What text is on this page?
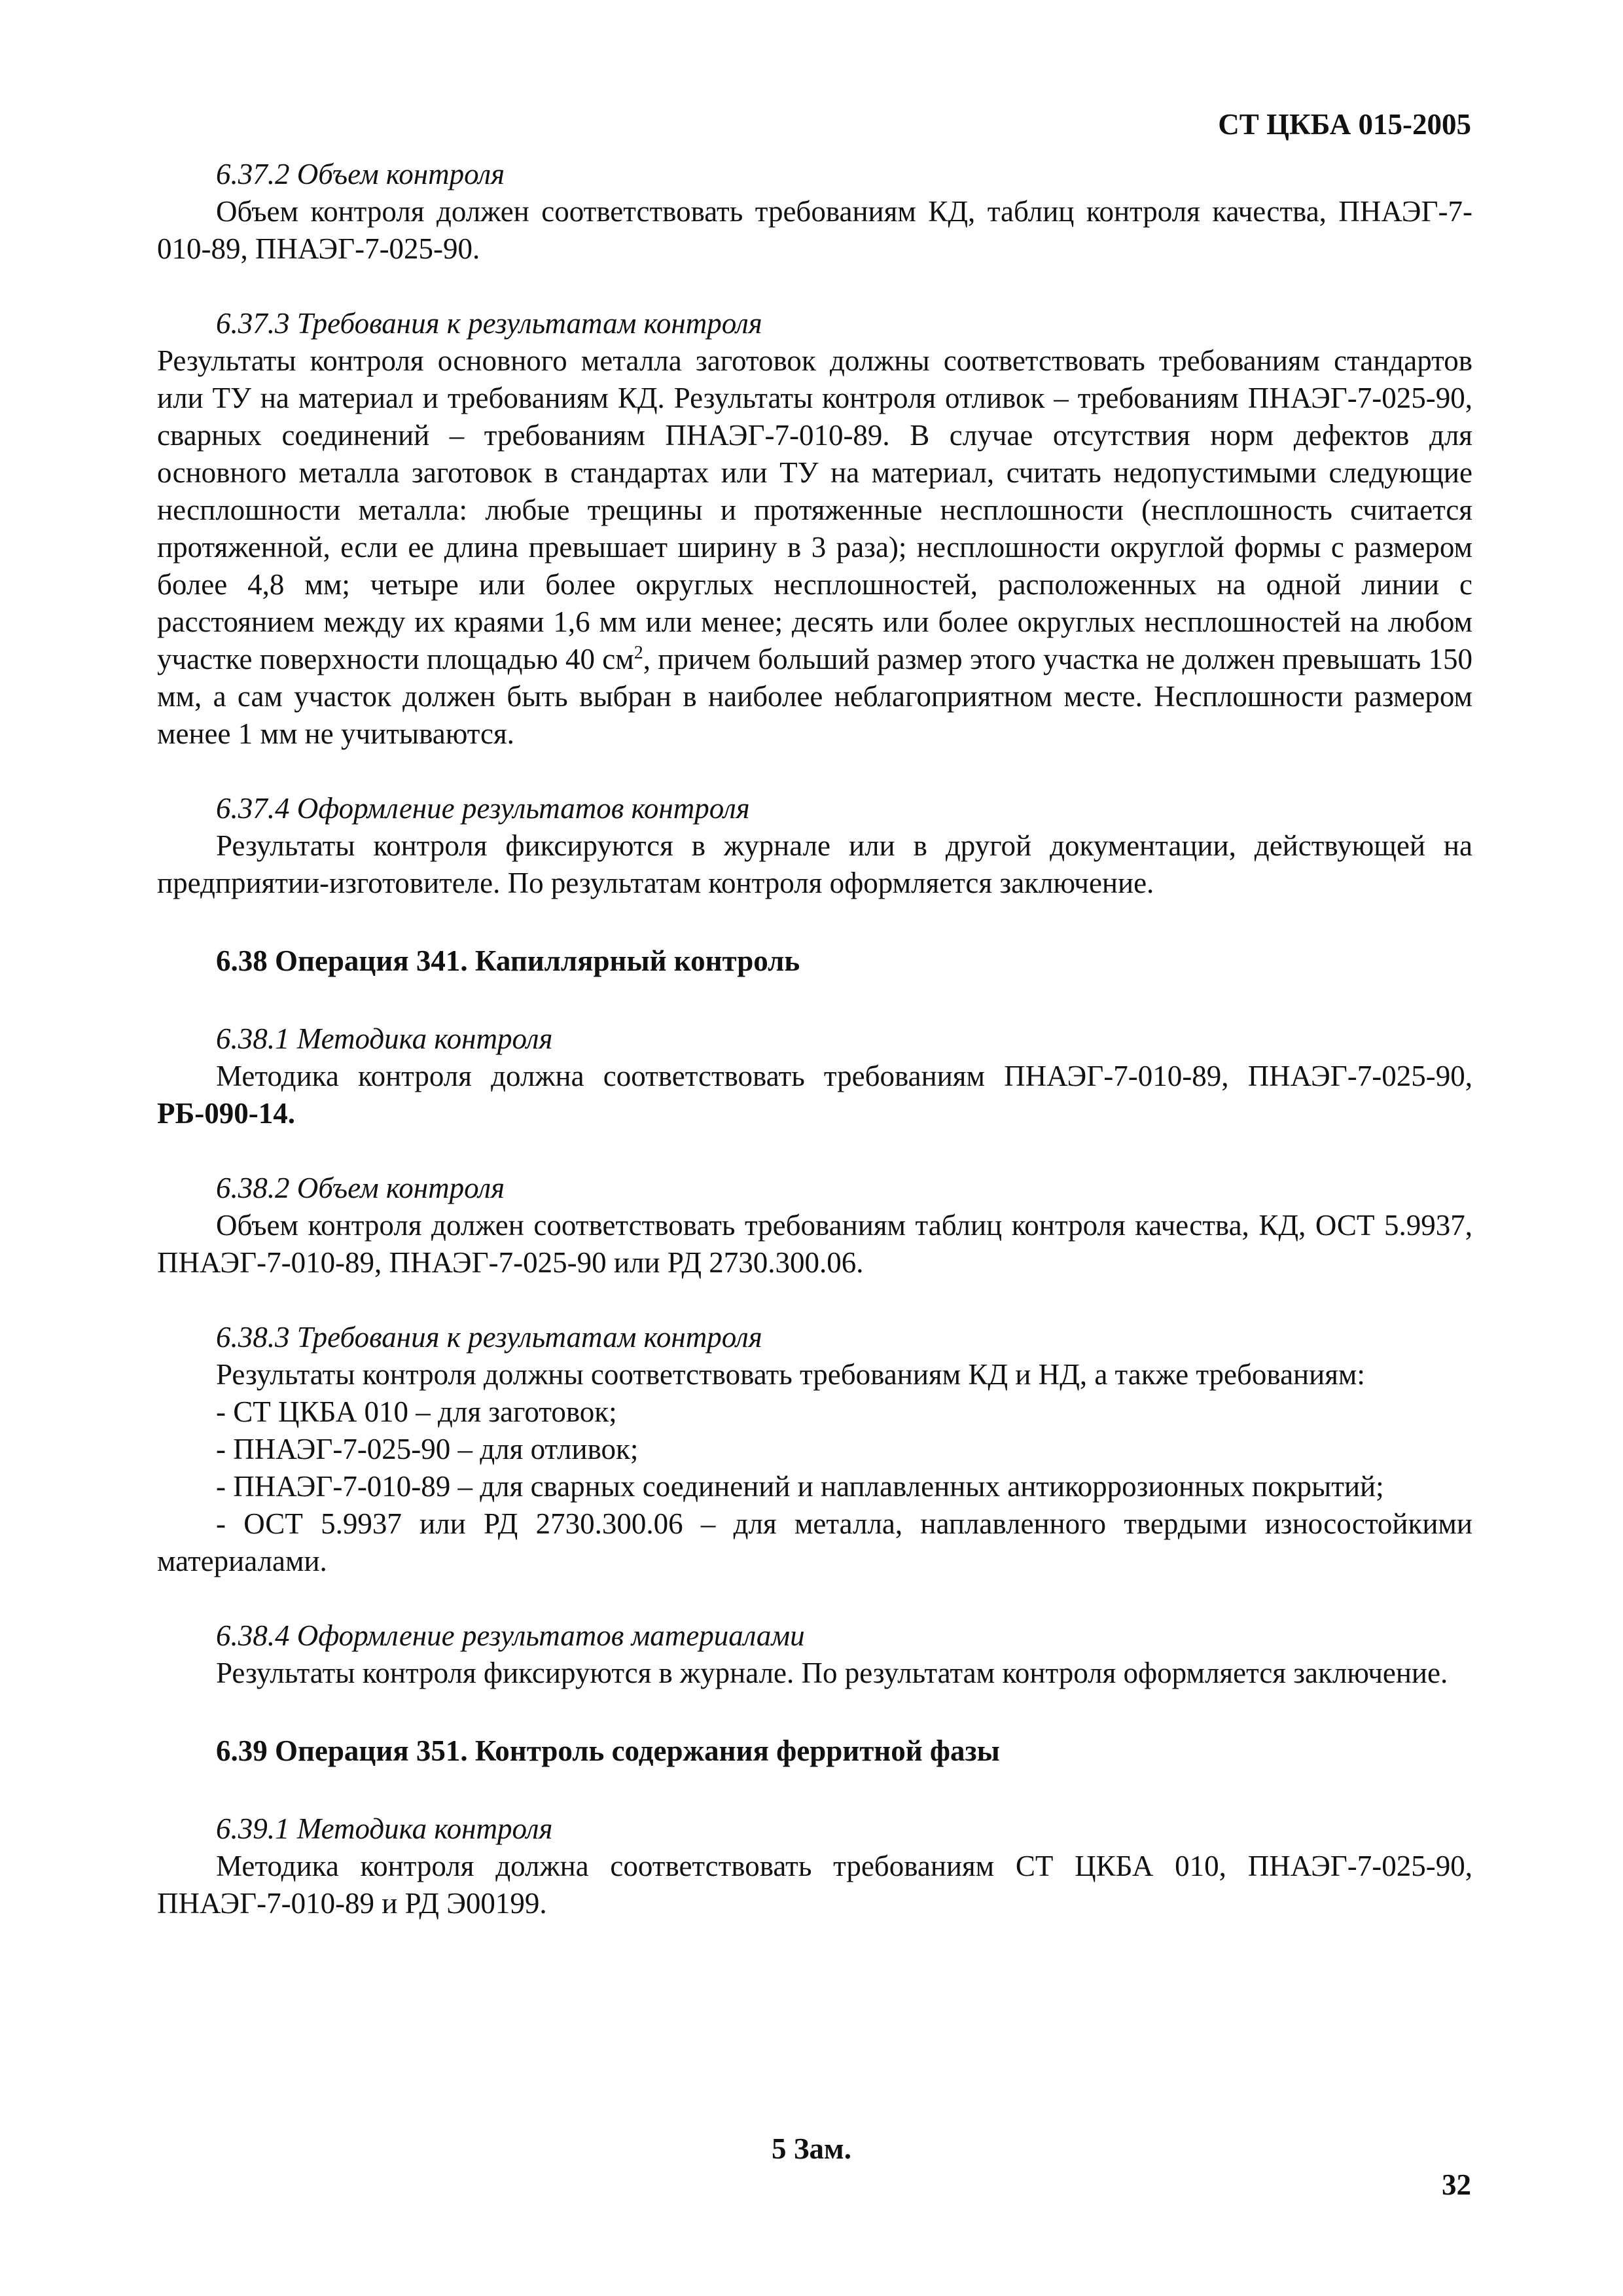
СТ ЦКБА 015-2005
6.37.2 Объем контроля
Объем контроля должен соответствовать требованиям КД, таблиц контроля качества, ПНАЭГ-7-010-89, ПНАЭГ-7-025-90.
6.37.3 Требования к результатам контроля
Результаты контроля основного металла заготовок должны соответствовать требованиям стандартов или ТУ на материал и требованиям КД. Результаты контроля отливок – требованиям ПНАЭГ-7-025-90, сварных соединений – требованиям ПНАЭГ-7-010-89. В случае отсутствия норм дефектов для основного металла заготовок в стандартах или ТУ на материал, считать недопустимыми следующие несплошности металла: любые трещины и протяженные несплошности (несплошность считается протяженной, если ее длина превышает ширину в 3 раза); несплошности округлой формы с размером более 4,8 мм; четыре или более округлых несплошностей, расположенных на одной линии с расстоянием между их краями 1,6 мм или менее; десять или более округлых несплошностей на любом участке поверхности площадью 40 $см^2$, причем больший размер этого участка не должен превышать 150 мм, а сам участок должен быть выбран в наиболее неблагоприятном месте. Несплошности размером менее 1 мм не учитываются.
6.37.4 Оформление результатов контроля
Результаты контроля фиксируются в журнале или в другой документации, действующей на предприятии-изготовителе. По результатам контроля оформляется заключение.
6.38 Операция 341. Капиллярный контроль
6.38.1 Методика контроля
Методика контроля должна соответствовать требованиям ПНАЭГ-7-010-89, ПНАЭГ-7-025-90, РБ-090-14.
6.38.2 Объем контроля
Объем контроля должен соответствовать требованиям таблиц контроля качества, КД, ОСТ 5.9937, ПНАЭГ-7-010-89, ПНАЭГ-7-025-90 или РД 2730.300.06.
6.38.3 Требования к результатам контроля
Результаты контроля должны соответствовать требованиям КД и НД, а также требованиям:
- СТ ЦКБА 010 – для заготовок;
- ПНАЭГ-7-025-90 – для отливок;
- ПНАЭГ-7-010-89 – для сварных соединений и наплавленных антикоррозионных покрытий;
- ОСТ 5.9937 или РД 2730.300.06 – для металла, наплавленного твердыми износостойкими материалами.
6.38.4 Оформление результатов материалами
Результаты контроля фиксируются в журнале. По результатам контроля оформляется заключение.
6.39 Операция 351. Контроль содержания ферритной фазы
6.39.1 Методика контроля
Методика контроля должна соответствовать требованиям СТ ЦКБА 010, ПНАЭГ-7-025-90, ПНАЭГ-7-010-89 и РД Э00199.
5 Зам.
32
